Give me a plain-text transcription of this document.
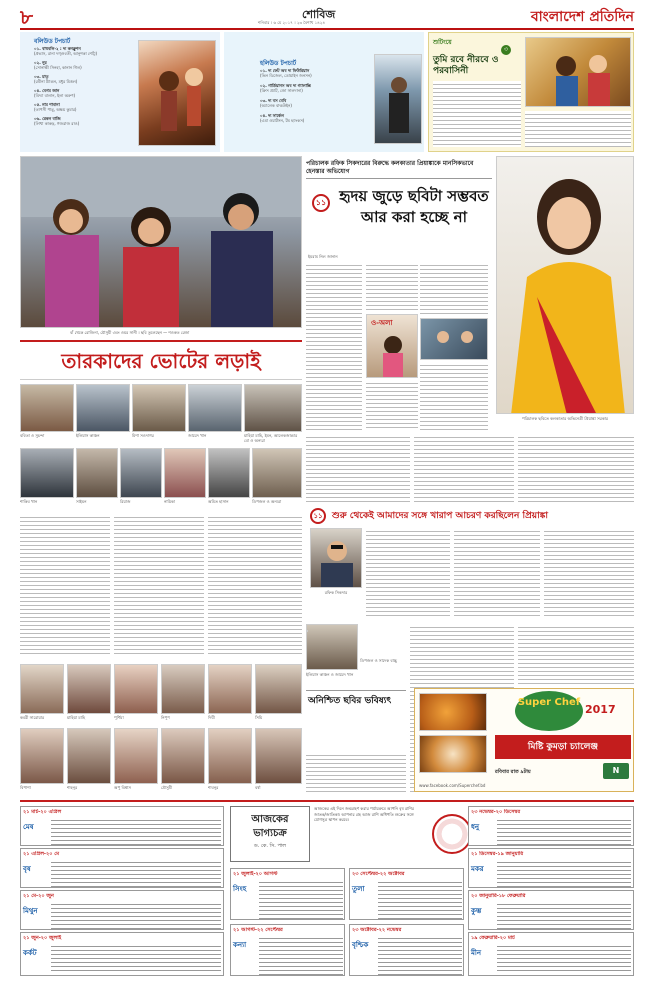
৮	শোবিজ
শনিবার । ৬ মে ২০১৭ । ২৩ বৈশাখ ১৪২৪	বাংলাদেশ প্রতিদিন
বলিউড টপচার্ট
০১. বাহুবলি-২ : দ্য কনক্লুশন
(প্রভাস, রানা দগ্গুবতী, আনুশকা শেট্টি)
০২. নূর
(সোনাক্ষী সিনহা, কানান গিল)
০৩. মাতৃ
(রবীনা ট্যান্ডন, মধুর মিত্তল)
০৪. বেগম জান
(বিদ্যা বালান, ইলা অরুণ)
০৫. নাম শাবানা
(তাপসী পান্নু, অক্ষয় কুমার)
০৬. রেকন বাজি
(লিখা কাকড়, গজরাজ রাও)
হলিউড টপচার্ট
০১. দ্য ফেট অব দ্য ফিউরিয়াস
(ভিন ডিজেল, ডোয়াইন জনসন)
০২. গার্ডিয়ানস অব দ্য গ্যালাক্সি
(ক্রিস প্র্যাট, জো সালদানা)
০৩. দ্য বস বেবি
(অ্যালেক বাল্ডউইন)
০৪. দ্য সার্কেল
(এমা ওয়াটসন, টম হ্যাংকস)
শুটিংয়ে
৩
তুমি রবে নীরবে ও পরবাসিনী
বাঁ থেকে রোজিনা, মৌসুমী এবং ওমর সানী । ছবি তুলেছেন — শওকত রেজা
পরিচালক রফিক সিকদারের বিরুদ্ধে কলকাতার প্রিয়াঙ্কাকে মানসিকভাবে হেনস্তার অভিযোগ
১১ হৃদয় জুড়ে ছবিটা সম্ভবত আর করা হচ্ছে না
ইমরাম নিল জানান
ও-অলা
পরিচালক ছবিতে কলকাতার অভিনেত্রী প্রিয়াঙ্কা সরকার
তারকাদের ভোটের লড়াই
ববিতা ও সুচন্দা	ইলিয়াস কাঞ্চন	মিশা সওদাগর	জায়েদ খান	মাহিয়া মাহি, ইমন, আলেকজান্ডার বো ও অন্যরা
শাকিব খান	সাইমন	রিয়াজ	নায়িকা	অমিত হাসান	ডিপজল ও অন্যরা
১১	শুরু থেকেই আমাদের সঙ্গে খারাপ আচরণ করছিলেন প্রিয়াঙ্কা
রফিক সিকদার
ইলিয়াস কাঞ্চন ও জায়েদ খান
অনিশ্চিত ছবির ভবিষ্যৎ
ডিপজল ও সাদেক বাচ্চু
কবরী সারোয়ার	মাহিয়া মাহি	পূর্ণিমা	নিপুণ	দিঘী	সিমি
বিপাশা	শাহনূর	অপু বিশ্বাস	মৌসুমী	শাবনূর	বর্ষা
Super Chef
2017
মিষ্টি কুমড়া চ্যালেঞ্জ
রবিবার রাত ৯টায়	N
www.facebook.com/Superchef.bd
আজকের ভাগ্যচক্র
ড. কে. সি. পাল
আজকের এই দিনে জন্মগ্রহণ করার পর্যায়ক্রমে আপনি বৃষ রাশির জাতক/জাতিকা। আপনার গ্রহ আজ রাশি অধিপতি শুক্রের সঙ্গে যোগসূত্র স্থাপন করবে।
২১ মার্চ-২০ এপ্রিল
মেষ
২১ এপ্রিল-২০ মে
বৃষ
২১ মে-২০ জুন
মিথুন
২১ জুন-২০ জুলাই
কর্কট
২১ জুলাই-২০ আগস্ট
সিংহ
২৩ সেপ্টেম্বর-২২ অক্টোবর
তুলা
২১ আগস্ট-২২ সেপ্টেম্বর
কন্যা
২৩ অক্টোবর-২২ নভেম্বর
বৃশ্চিক
২৩ নভেম্বর-২০ ডিসেম্বর
ধনু
২১ ডিসেম্বর-১৯ জানুয়ারি
মকর
২০ জানুয়ারি-১৮ ফেব্রুয়ারি
কুম্ভ
১৯ ফেব্রুয়ারি-২০ মার্চ
মীন
